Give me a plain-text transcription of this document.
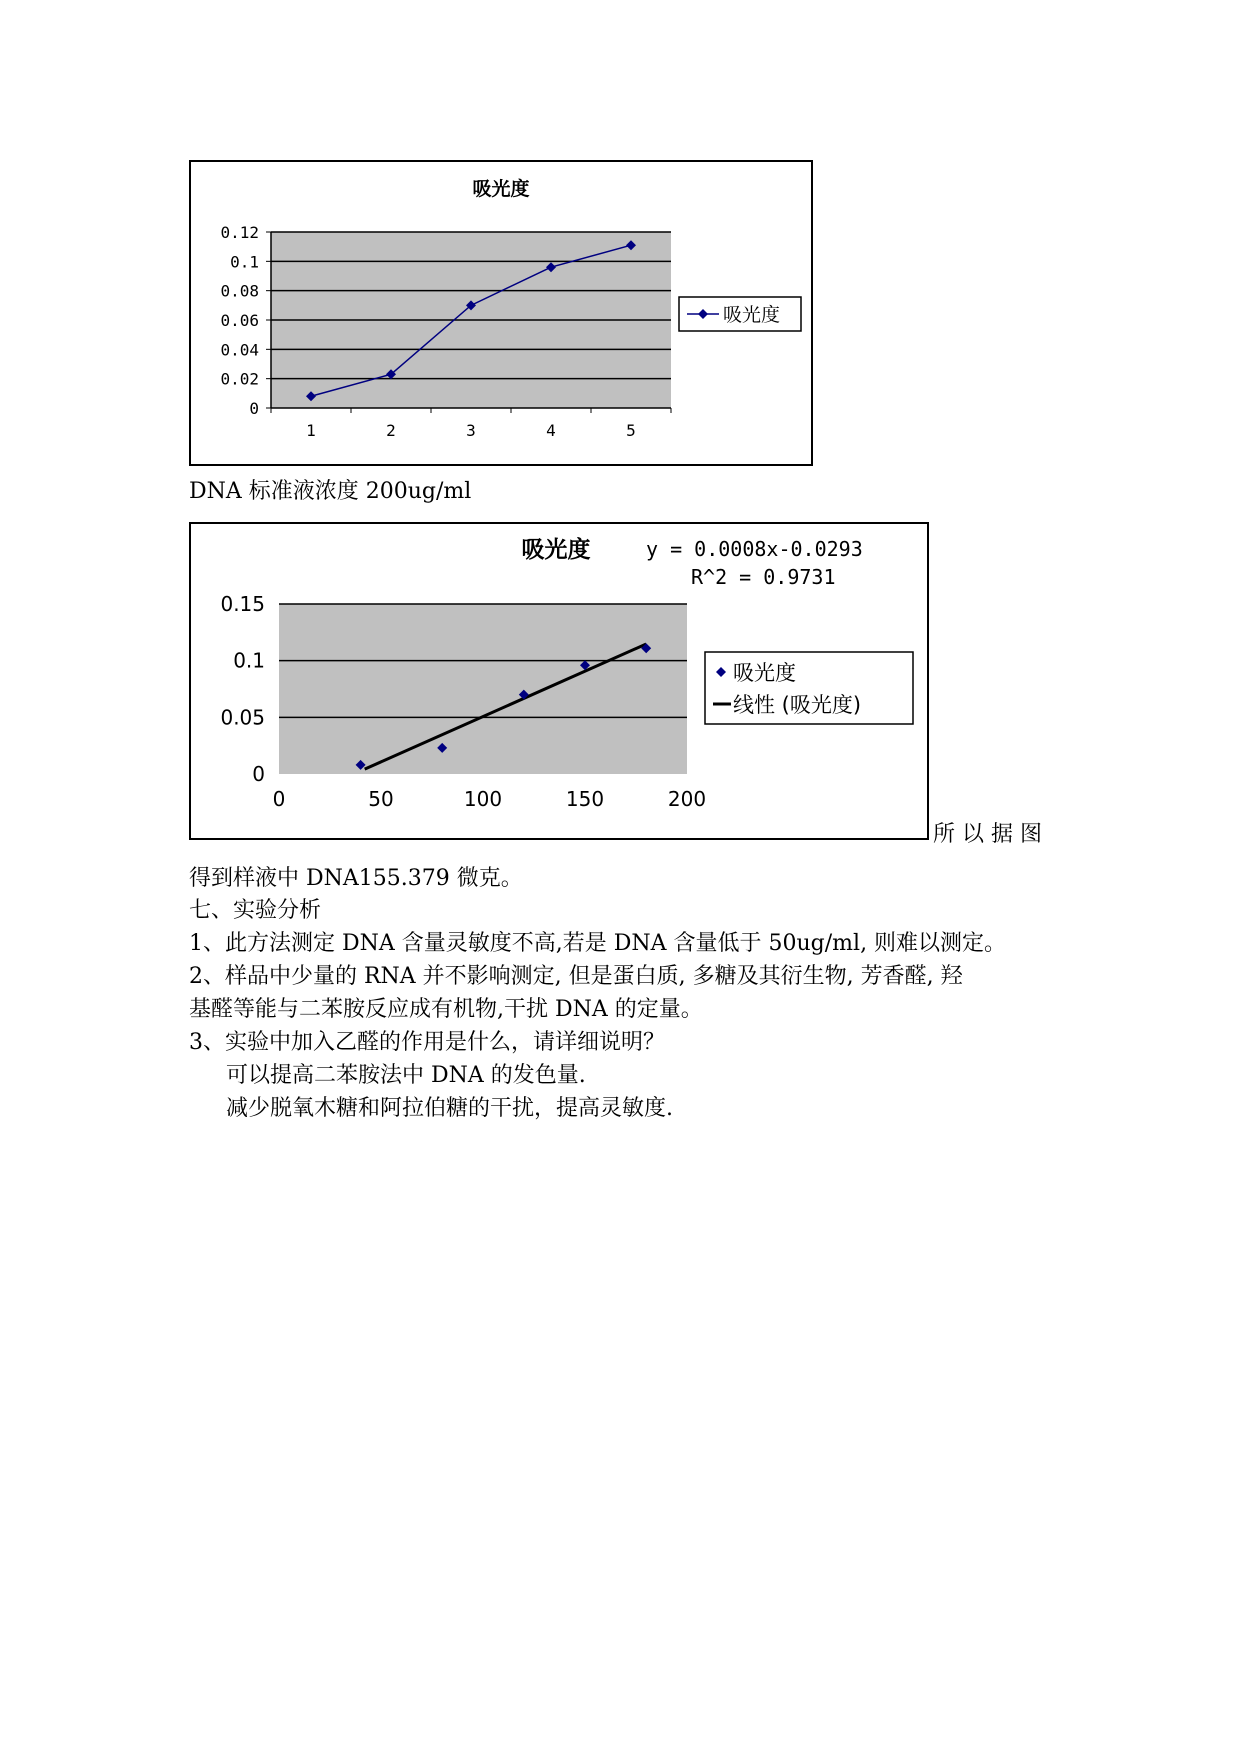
吸光度
0
0.02
0.04
0.06
0.08
0.1
0.12
1	2	3	4	5
吸光度
DNA 标准液浓度 200ug/ml
吸光度	y = 0.0008x-0.0293
R^2 = 0.9731
0
0.05
0.1
0.15
0	50	100	150	200
吸光度
线性 (吸光度)
所 以 据 图
得到样液中 DNA155.379 微克。
七、实验分析
1、此方法测定 DNA 含量灵敏度不高,若是 DNA 含量低于 50ug/ml, 则难以测定。
2、样品中少量的 RNA 并不影响测定, 但是蛋白质, 多糖及其衍生物, 芳香醛, 羟
基醛等能与二苯胺反应成有机物,干扰 DNA 的定量。
3、实验中加入乙醛的作用是什么，请详细说明？
可以提高二苯胺法中 DNA 的发色量.
减少脱氧木糖和阿拉伯糖的干扰，提高灵敏度.
